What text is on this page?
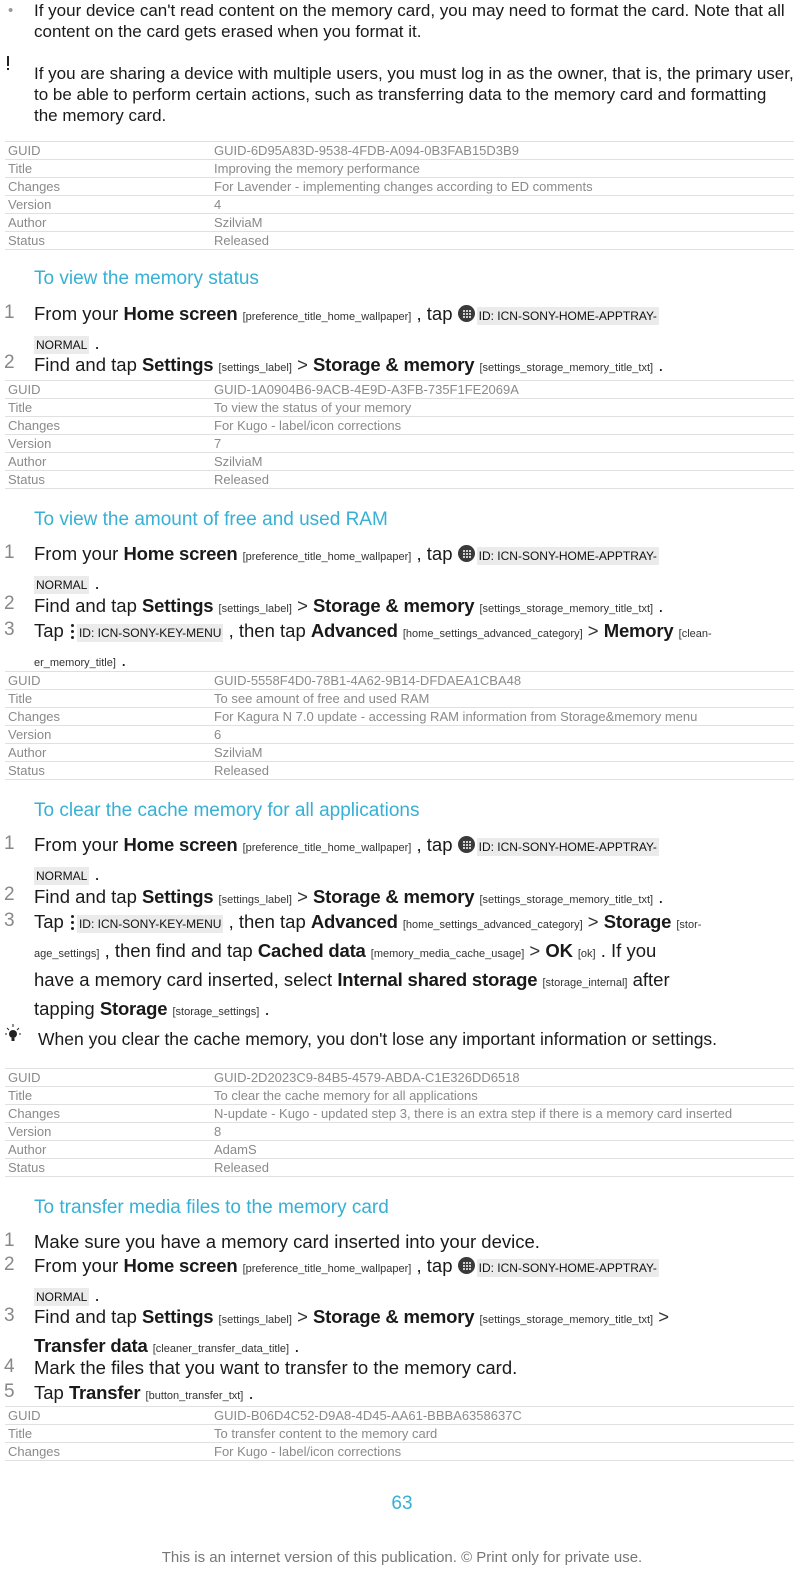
• If your device can't read content on the memory card, you may need to format the card. Note that all content on the card gets erased when you format it.
If you are sharing a device with multiple users, you must log in as the owner, that is, the primary user, to be able to perform certain actions, such as transferring data to the memory card and formatting the memory card.
GUID	GUID-6D95A83D-9538-4FDB-A094-0B3FAB15D3B9
Title	Improving the memory performance
Changes	For Lavender - implementing changes according to ED comments
Version	4
Author	SzilviaM
Status	Released
To view the memory status
1 From your Home screen [preference_title_home_wallpaper] , tap ID: ICN-SONY-HOME-APPTRAY-
NORMAL .
2 Find and tap Settings [settings_label] > Storage & memory [settings_storage_memory_title_txt] .
GUID	GUID-1A0904B6-9ACB-4E9D-A3FB-735F1FE2069A
Title	To view the status of your memory
Changes	For Kugo - label/icon corrections
Version	7
Author	SzilviaM
Status	Released
To view the amount of free and used RAM
1 From your Home screen [preference_title_home_wallpaper] , tap ID: ICN-SONY-HOME-APPTRAY-
NORMAL .
2 Find and tap Settings [settings_label] > Storage & memory [settings_storage_memory_title_txt] .
3 Tap ID: ICN-SONY-KEY-MENU , then tap Advanced [home_settings_advanced_category] > Memory [clean-
er_memory_title] .
GUID	GUID-5558F4D0-78B1-4A62-9B14-DFDAEA1CBA48
Title	To see amount of free and used RAM
Changes	For Kagura N 7.0 update - accessing RAM information from Storage&memory menu
Version	6
Author	SzilviaM
Status	Released
To clear the cache memory for all applications
1 From your Home screen [preference_title_home_wallpaper] , tap ID: ICN-SONY-HOME-APPTRAY-
NORMAL .
2 Find and tap Settings [settings_label] > Storage & memory [settings_storage_memory_title_txt] .
3 Tap ID: ICN-SONY-KEY-MENU , then tap Advanced [home_settings_advanced_category] > Storage [stor-
age_settings] , then find and tap Cached data [memory_media_cache_usage] > OK [ok] . If you
have a memory card inserted, select Internal shared storage [storage_internal] after
tapping Storage [storage_settings] .
When you clear the cache memory, you don't lose any important information or settings.
GUID	GUID-2D2023C9-84B5-4579-ABDA-C1E326DD6518
Title	To clear the cache memory for all applications
Changes	N-update - Kugo - updated step 3, there is an extra step if there is a memory card inserted
Version	8
Author	AdamS
Status	Released
To transfer media files to the memory card
1 Make sure you have a memory card inserted into your device.
2 From your Home screen [preference_title_home_wallpaper] , tap ID: ICN-SONY-HOME-APPTRAY-
NORMAL .
3 Find and tap Settings [settings_label] > Storage & memory [settings_storage_memory_title_txt] >
Transfer data [cleaner_transfer_data_title] .
4 Mark the files that you want to transfer to the memory card.
5 Tap Transfer [button_transfer_txt] .
GUID	GUID-B06D4C52-D9A8-4D45-AA61-BBBA6358637C
Title	To transfer content to the memory card
Changes	For Kugo - label/icon corrections
63
This is an internet version of this publication. © Print only for private use.
